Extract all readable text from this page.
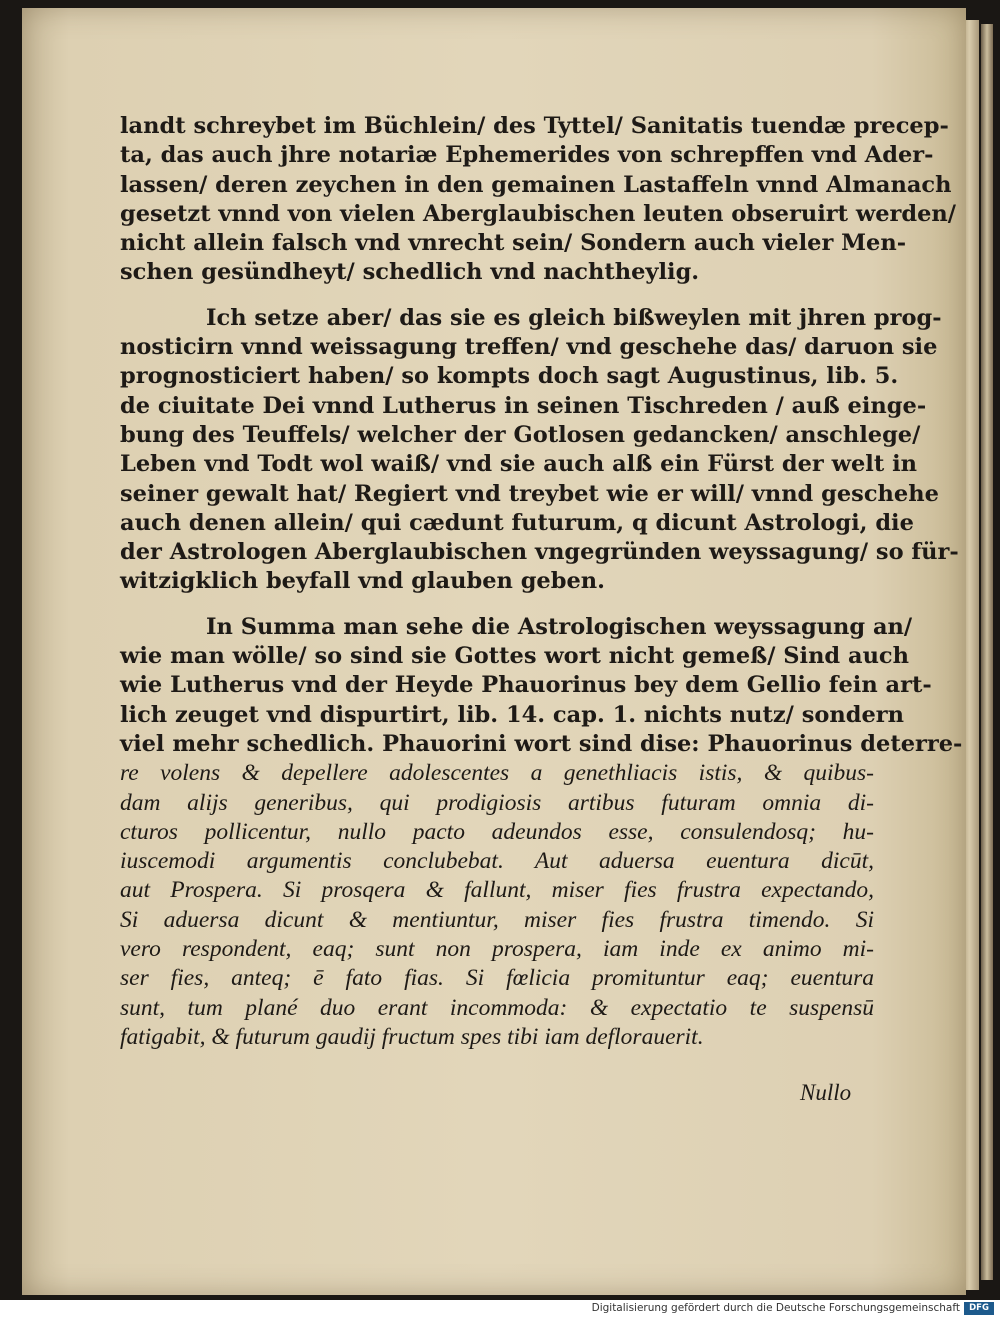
landt schreybet im Büchlein/ des Tyttel/ Sanitatis tuendæ precep-
ta, das auch jhre notariæ Ephemerides von schrepffen vnd Ader-
lassen/ deren zeychen in den gemainen Lastaffeln vnnd Almanach
gesetzt vnnd von vielen Aberglaubischen leuten obseruirt werden/
nicht allein falsch vnd vnrecht sein/ Sondern auch vieler Men-
schen gesündheyt/ schedlich vnd nachtheylig.
Ich setze aber/ das sie es gleich bißweylen mit jhren prog-
nosticirn vnnd weissagung treffen/ vnd geschehe das/ daruon sie
prognosticiert haben/ so kompts doch sagt Augustinus, lib. 5.
de ciuitate Dei vnnd Lutherus in seinen Tischreden / auß einge-
bung des Teuffels/ welcher der Gotlosen gedancken/ anschlege/
Leben vnd Todt wol waiß/ vnd sie auch alß ein Fürst der welt in
seiner gewalt hat/ Regiert vnd treybet wie er will/ vnnd geschehe
auch denen allein/ qui cædunt futurum, q dicunt Astrologi, die
der Astrologen Aberglaubischen vngegründen weyssagung/ so für-
witzigklich beyfall vnd glauben geben.
In Summa man sehe die Astrologischen weyssagung an/
wie man wölle/ so sind sie Gottes wort nicht gemeß/ Sind auch
wie Lutherus vnd der Heyde Phauorinus bey dem Gellio fein art-
lich zeuget vnd dispurtirt, lib. 14. cap. 1. nichts nutz/ sondern
viel mehr schedlich. Phauorini wort sind dise: Phauorinus deterre-
re volens & depellere adolescentes a genethliacis istis, & quibus-
dam alijs generibus, qui prodigiosis artibus futuram omnia di-
cturos pollicentur, nullo pacto adeundos esse, consulendosq; hu-
iuscemodi argumentis conclubebat. Aut aduersa euentura dicūt,
aut Prospera. Si prosqera & fallunt, miser fies frustra expectando,
Si aduersa dicunt & mentiuntur, miser fies frustra timendo. Si
vero respondent, eaq; sunt non prospera, iam inde ex animo mi-
ser fies, anteq; ē fato fias. Si fœlicia promituntur eaq; euentura
sunt, tum plané duo erant incommoda: & expectatio te suspensū
fatigabit, & futurum gaudij fructum spes tibi iam deflorauerit.
Nullo
Digitalisierung gefördert durch die Deutsche Forschungsgemeinschaft	DFG
